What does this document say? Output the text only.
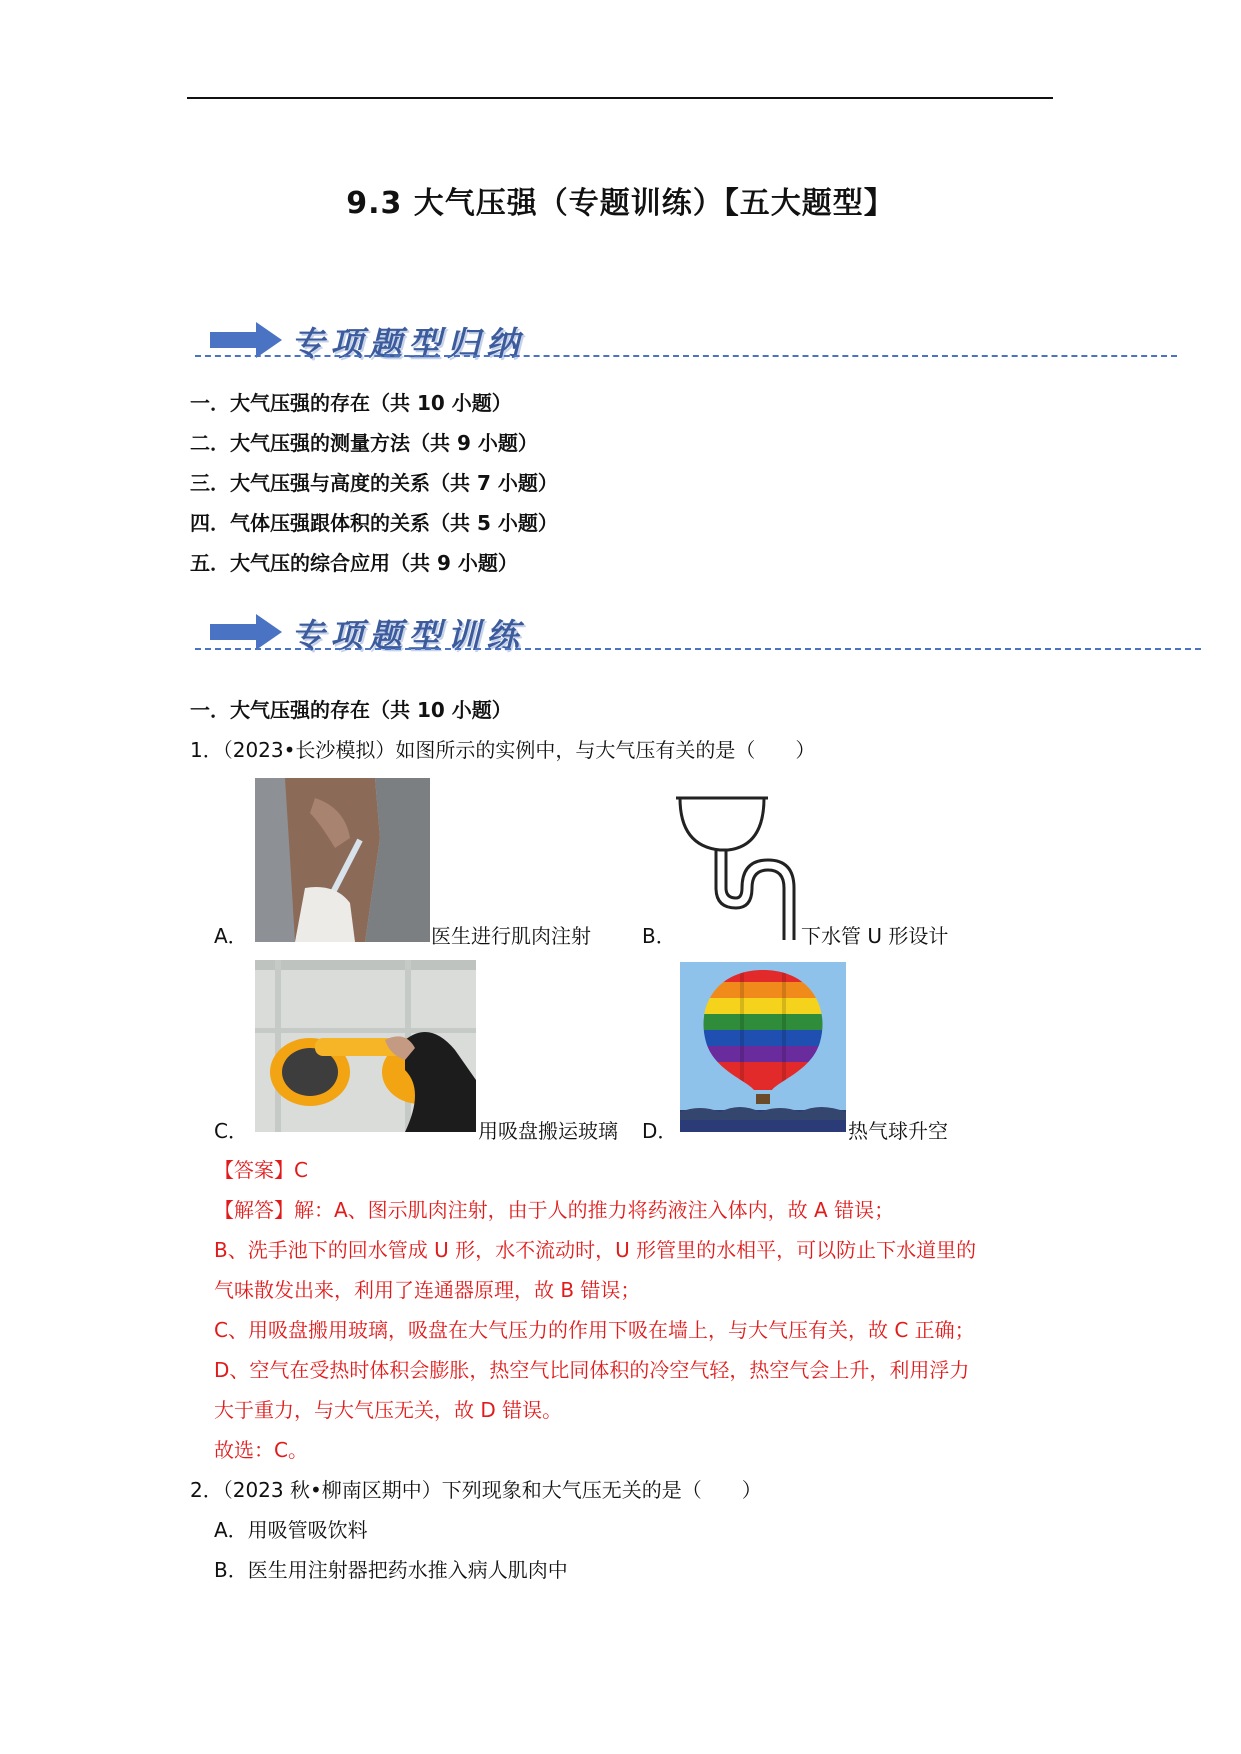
9.3 大气压强（专题训练）【五大题型】
专项题型归纳
一．大气压强的存在（共 10 小题）
二．大气压强的测量方法（共 9 小题）
三．大气压强与高度的关系（共 7 小题）
四．气体压强跟体积的关系（共 5 小题）
五．大气压的综合应用（共 9 小题）
专项题型训练
一．大气压强的存在（共 10 小题）
1．（2023•长沙模拟）如图所示的实例中，与大气压有关的是（　　）
A．	医生进行肌肉注射	B．	下水管 U 形设计
C．	用吸盘搬运玻璃 D．	热气球升空
【答案】C
【解答】解：A、图示肌肉注射，由于人的推力将药液注入体内，故 A 错误；
B、洗手池下的回水管成 U 形，水不流动时，U 形管里的水相平，可以防止下水道里的
气味散发出来，利用了连通器原理，故 B 错误；
C、用吸盘搬用玻璃，吸盘在大气压力的作用下吸在墙上，与大气压有关，故 C 正确；
D、空气在受热时体积会膨胀，热空气比同体积的冷空气轻，热空气会上升，利用浮力
大于重力，与大气压无关，故 D 错误。
故选：C。
2．（2023 秋•柳南区期中）下列现象和大气压无关的是（　　）
A．用吸管吸饮料
B．医生用注射器把药水推入病人肌肉中
